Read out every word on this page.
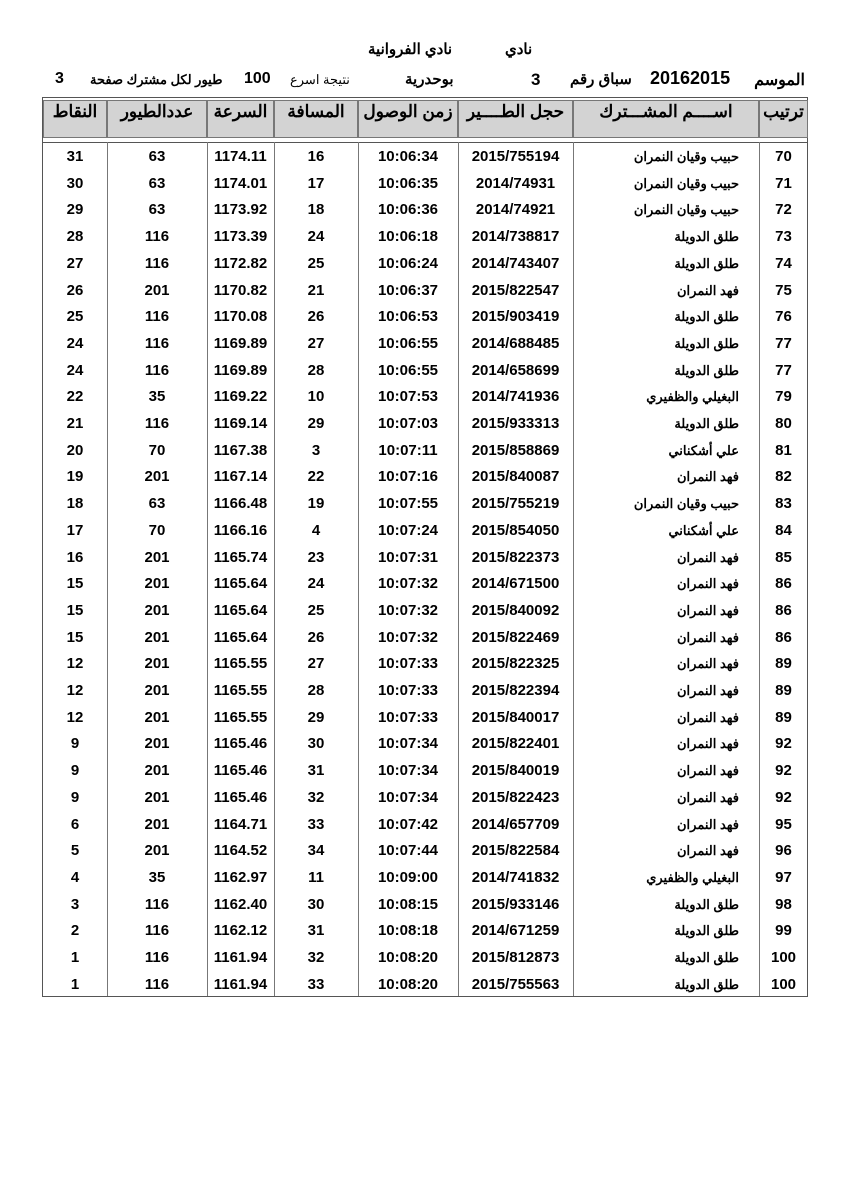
نادي الفروانية	نادي
الموسم
20162015
سباق رقم
3
بوحدرية
نتيجة اسرع
100
طيور لكل مشترك صفحة
3
ترتيب
اســــم المشـــترك
حجل الطــــير
زمن الوصول
المسافة
السرعة
عددالطيور
النقاط
70
حبيب وقيان النمران
2015/755194
10:06:34
16
1174.11
63
31
71
حبيب وقيان النمران
2014/74931
10:06:35
17
1174.01
63
30
72
حبيب وقيان النمران
2014/74921
10:06:36
18
1173.92
63
29
73
طلق الدويلة
2014/738817
10:06:18
24
1173.39
116
28
74
طلق الدويلة
2014/743407
10:06:24
25
1172.82
116
27
75
فهد النمران
2015/822547
10:06:37
21
1170.82
201
26
76
طلق الدويلة
2015/903419
10:06:53
26
1170.08
116
25
77
طلق الدويلة
2014/688485
10:06:55
27
1169.89
116
24
77
طلق الدويلة
2014/658699
10:06:55
28
1169.89
116
24
79
البغيلي والظفيري
2014/741936
10:07:53
10
1169.22
35
22
80
طلق الدويلة
2015/933313
10:07:03
29
1169.14
116
21
81
علي أشكناني
2015/858869
10:07:11
3
1167.38
70
20
82
فهد النمران
2015/840087
10:07:16
22
1167.14
201
19
83
حبيب وقيان النمران
2015/755219
10:07:55
19
1166.48
63
18
84
علي أشكناني
2015/854050
10:07:24
4
1166.16
70
17
85
فهد النمران
2015/822373
10:07:31
23
1165.74
201
16
86
فهد النمران
2014/671500
10:07:32
24
1165.64
201
15
86
فهد النمران
2015/840092
10:07:32
25
1165.64
201
15
86
فهد النمران
2015/822469
10:07:32
26
1165.64
201
15
89
فهد النمران
2015/822325
10:07:33
27
1165.55
201
12
89
فهد النمران
2015/822394
10:07:33
28
1165.55
201
12
89
فهد النمران
2015/840017
10:07:33
29
1165.55
201
12
92
فهد النمران
2015/822401
10:07:34
30
1165.46
201
9
92
فهد النمران
2015/840019
10:07:34
31
1165.46
201
9
92
فهد النمران
2015/822423
10:07:34
32
1165.46
201
9
95
فهد النمران
2014/657709
10:07:42
33
1164.71
201
6
96
فهد النمران
2015/822584
10:07:44
34
1164.52
201
5
97
البغيلي والظفيري
2014/741832
10:09:00
11
1162.97
35
4
98
طلق الدويلة
2015/933146
10:08:15
30
1162.40
116
3
99
طلق الدويلة
2014/671259
10:08:18
31
1162.12
116
2
100
طلق الدويلة
2015/812873
10:08:20
32
1161.94
116
1
100
طلق الدويلة
2015/755563
10:08:20
33
1161.94
116
1
